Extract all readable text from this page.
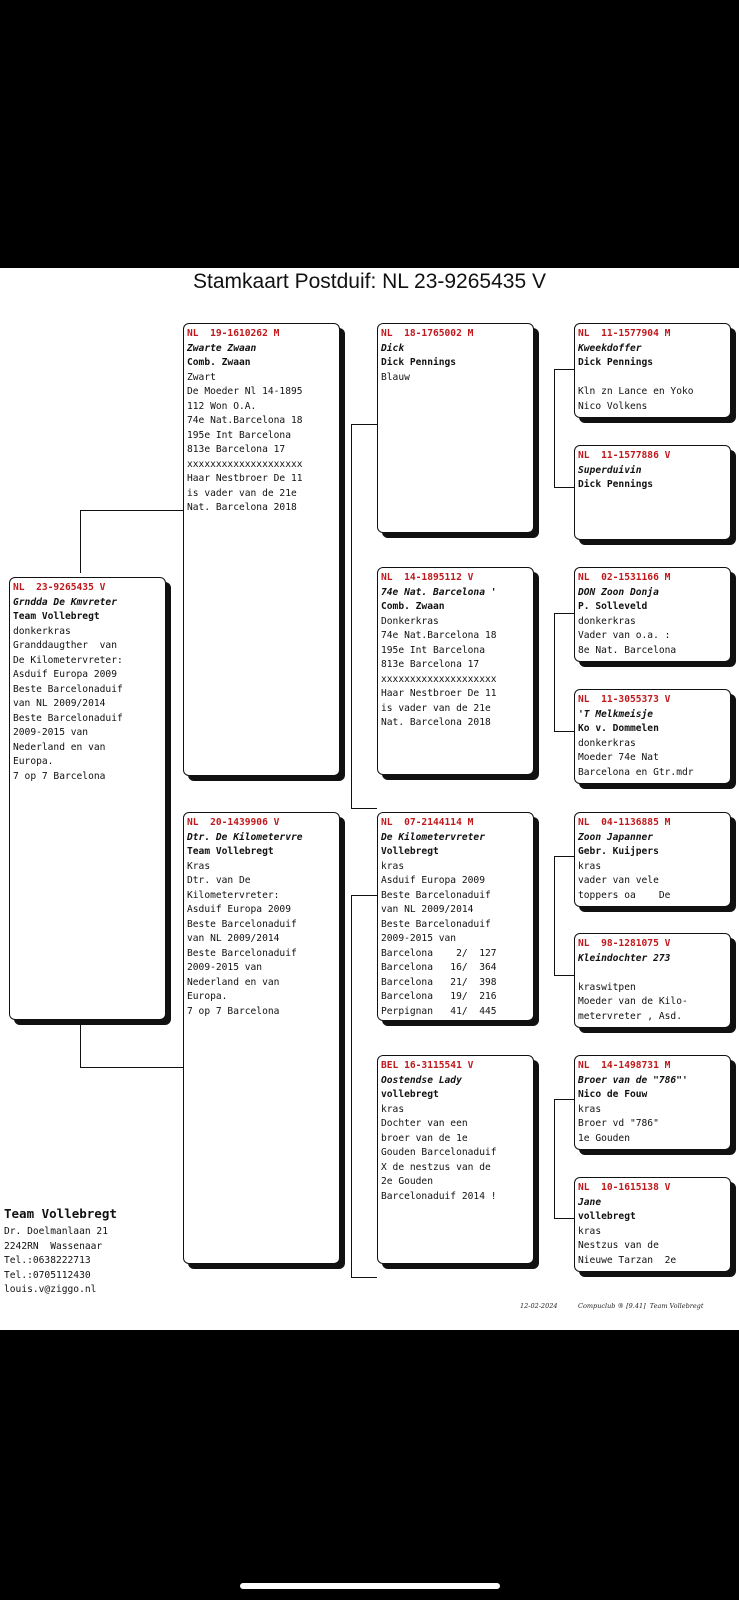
Stamkaart Postduif: NL 23-9265435 V
NL  23-9265435 V
Grndda De Kmvreter
Team Vollebregt
donkerkras
Granddaugther  van
De Kilometervreter:
Asduif Europa 2009
Beste Barcelonaduif
van NL 2009/2014
Beste Barcelonaduif
2009-2015 van
Nederland en van
Europa.
7 op 7 Barcelona
NL  19-1610262 M
Zwarte Zwaan
Comb. Zwaan
Zwart
De Moeder Nl 14-1895
112 Won O.A.
74e Nat.Barcelona 18
195e Int Barcelona
813e Barcelona 17
xxxxxxxxxxxxxxxxxxxx
Haar Nestbroer De 11
is vader van de 21e
Nat. Barcelona 2018
NL  20-1439906 V
Dtr. De Kilometervre
Team Vollebregt
Kras
Dtr. van De
Kilometervreter:
Asduif Europa 2009
Beste Barcelonaduif
van NL 2009/2014
Beste Barcelonaduif
2009-2015 van
Nederland en van
Europa.
7 op 7 Barcelona
NL  18-1765002 M
Dick
Dick Pennings
Blauw
NL  14-1895112 V
74e Nat. Barcelona '
Comb. Zwaan
Donkerkras
74e Nat.Barcelona 18
195e Int Barcelona
813e Barcelona 17
xxxxxxxxxxxxxxxxxxxx
Haar Nestbroer De 11
is vader van de 21e
Nat. Barcelona 2018
NL  07-2144114 M
De Kilometervreter
Vollebregt
kras
Asduif Europa 2009
Beste Barcelonaduif
van NL 2009/2014
Beste Barcelonaduif
2009-2015 van
Barcelona    2/  127
Barcelona   16/  364
Barcelona   21/  398
Barcelona   19/  216
Perpignan   41/  445
BEL 16-3115541 V
Oostendse Lady
vollebregt
kras
Dochter van een
broer van de 1e
Gouden Barcelonaduif
X de nestzus van de
2e Gouden
Barcelonaduif 2014 !
NL  11-1577904 M
Kweekdoffer
Dick Pennings
Kln zn Lance en Yoko
Nico Volkens
NL  11-1577886 V
Superduivin
Dick Pennings
NL  02-1531166 M
DON Zoon Donja
P. Solleveld
donkerkras
Vader van o.a. :
8e Nat. Barcelona
NL  11-3055373 V
'T Melkmeisje
Ko v. Dommelen
donkerkras
Moeder 74e Nat
Barcelona en Gtr.mdr
NL  04-1136885 M
Zoon Japanner
Gebr. Kuijpers
kras
vader van vele
toppers oa    De
NL  98-1281075 V
Kleindochter 273
kraswitpen
Moeder van de Kilo-
metervreter , Asd.
NL  14-1498731 M
Broer van de "786"'
Nico de Fouw
kras
Broer vd "786"
1e Gouden
NL  10-1615138 V
Jane
vollebregt
kras
Nestzus van de
Nieuwe Tarzan  2e
Team Vollebregt
Dr. Doelmanlaan 21
2242RN  Wassenaar
Tel.:0638222713
Tel.:0705112430
louis.v@ziggo.nl
12-02-2024	Compuclub ® [9.41]  Team Vollebregt
